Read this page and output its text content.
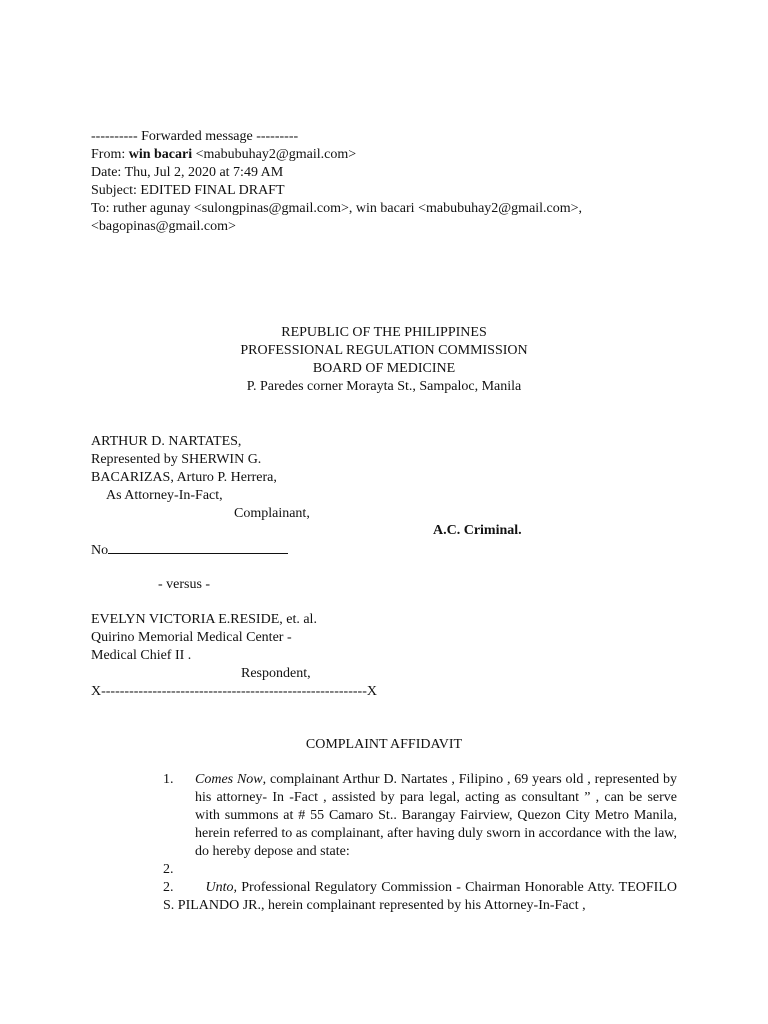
---------- Forwarded message ---------
From: win bacari <mabubuhay2@gmail.com>
Date: Thu, Jul 2, 2020 at 7:49 AM
Subject: EDITED FINAL DRAFT
To: ruther agunay <sulongpinas@gmail.com>, win bacari <mabubuhay2@gmail.com>,
<bagopinas@gmail.com>
REPUBLIC OF THE PHILIPPINES
PROFESSIONAL REGULATION COMMISSION
BOARD OF MEDICINE
P. Paredes corner Morayta St., Sampaloc, Manila
ARTHUR D. NARTATES,
Represented by SHERWIN G.
BACARIZAS, Arturo P. Herrera,
As Attorney-In-Fact,
Complainant,
A.C. Criminal.
No
- versus -
EVELYN VICTORIA E.RESIDE, et. al.
Quirino Memorial Medical Center -
Medical Chief II .
Respondent,
X---------------------------------------------------------X
COMPLAINT AFFIDAVIT
1. Comes Now, complainant Arthur D. Nartates , Filipino , 69 years old , represented by his attorney- In -Fact , assisted by para legal, acting as consultant ” , can be serve with summons at # 55 Camaro St.. Barangay Fairview, Quezon City Metro Manila, herein referred to as complainant, after having duly sworn in accordance with the law, do hereby depose and state:
2.
2. Unto, Professional Regulatory Commission - Chairman Honorable Atty. TEOFILO S. PILANDO JR., herein complainant represented by his Attorney-In-Fact ,
